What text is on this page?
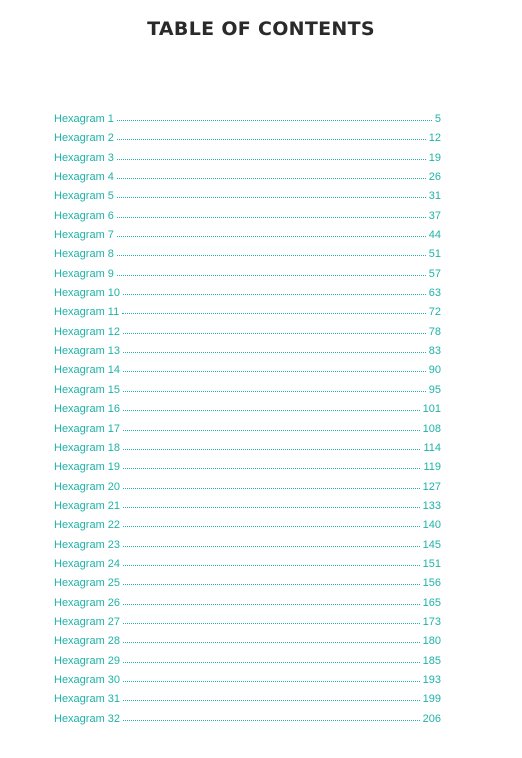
TABLE OF CONTENTS
Hexagram 1	5
Hexagram 2	12
Hexagram 3	19
Hexagram 4	26
Hexagram 5	31
Hexagram 6	37
Hexagram 7	44
Hexagram 8	51
Hexagram 9	57
Hexagram 10	63
Hexagram 11	72
Hexagram 12	78
Hexagram 13	83
Hexagram 14	90
Hexagram 15	95
Hexagram 16	101
Hexagram 17	108
Hexagram 18	114
Hexagram 19	119
Hexagram 20	127
Hexagram 21	133
Hexagram 22	140
Hexagram 23	145
Hexagram 24	151
Hexagram 25	156
Hexagram 26	165
Hexagram 27	173
Hexagram 28	180
Hexagram 29	185
Hexagram 30	193
Hexagram 31	199
Hexagram 32	206
